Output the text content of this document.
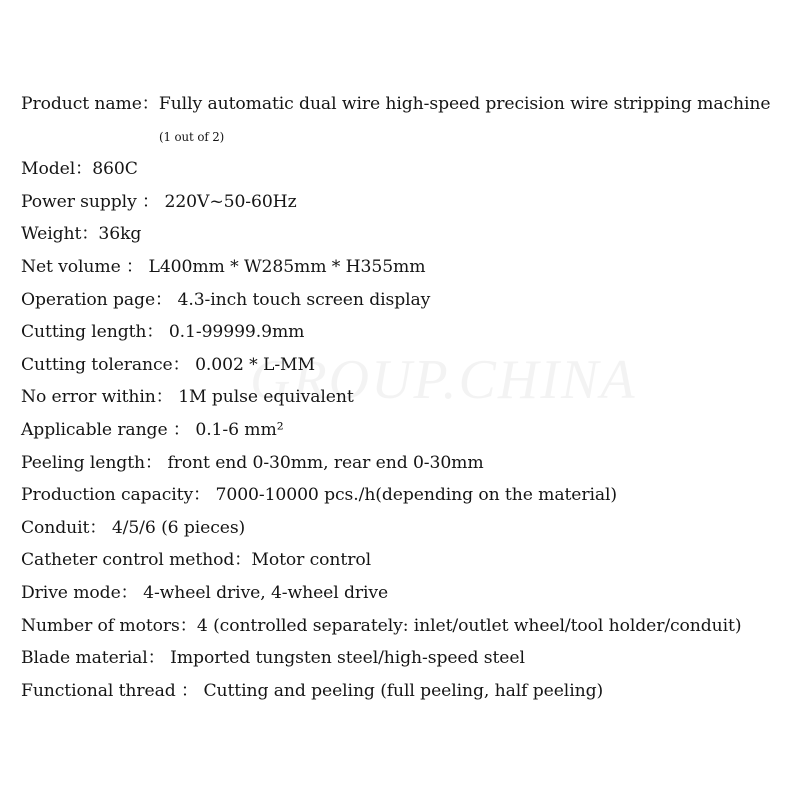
Product name：Fully automatic dual wire high-speed precision wire stripping machine
(1 out of 2)
Model：860C
Power supply ： 220V~50-60Hz
Weight：36kg
Net volume ： L400mm * W285mm * H355mm
Operation page： 4.3-inch touch screen display
Cutting length： 0.1-99999.9mm
Cutting tolerance： 0.002 * L-MM
No error within： 1M pulse equivalent
Applicable range ： 0.1-6 mm²
Peeling length： front end 0-30mm, rear end 0-30mm
Production capacity： 7000-10000 pcs./h(depending on the material)
Conduit： 4/5/6 (6 pieces)
Catheter control method：Motor control
Drive mode： 4-wheel drive, 4-wheel drive
Number of motors：4 (controlled separately: inlet/outlet wheel/tool holder/conduit)
Blade material： Imported tungsten steel/high-speed steel
Functional thread ： Cutting and peeling (full peeling, half peeling)
